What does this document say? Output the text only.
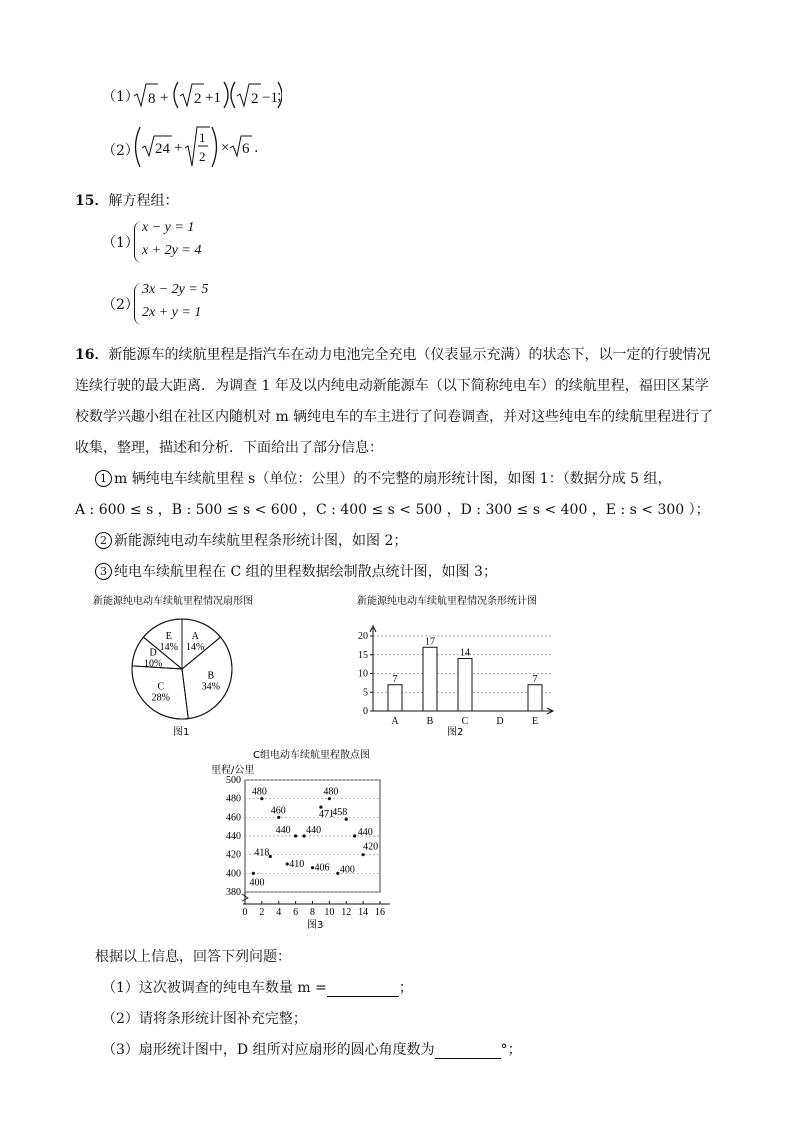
（1） 8 + 2 +1 2 −1
；
（2） 24 +
1
2
× 6 .
15．解方程组：
（1）
x − y = 1
x + 2y = 4
（2）
3x − 2y = 5
2x + y = 1
16．新能源车的续航里程是指汽车在动力电池完全充电（仪表显示充满）的状态下，以一定的行驶情况
连续行驶的最大距离．为调查 1 年及以内纯电动新能源车（以下简称纯电车）的续航里程，福田区某学
校数学兴趣小组在社区内随机对 m 辆纯电车的车主进行了问卷调查，并对这些纯电车的续航里程进行了
收集，整理，描述和分析．下面给出了部分信息：
1 m 辆纯电车续航里程 s（单位：公里）的不完整的扇形统计图，如图 1：（数据分成 5 组，
A : 600 ≤ s ，B : 500 ≤ s < 600 ，C : 400 ≤ s < 500 ，D : 300 ≤ s < 400 ，E : s < 300 ）；
2 新能源纯电动车续航里程条形统计图，如图 2；
3 纯电车续航里程在 C 组的里程数据绘制散点统计图，如图 3；
新能源纯电动车续航里程情况扇形图
A
14%
B
34%
C
28%
D
10%
E
14%
图1
新能源纯电动车续航里程情况条形统计图
0
5
10
15
20
7
A
17
B
14
C	D
7
E
图2
C组电动车续航里程散点图
里程/公里
380
400
420
440
460
480
500
0 2 4 6 8 10 12 14 16
400
480
418
460
410
440 440
406
471
480
400
458
440
420
图3
根据以上信息，回答下列问题：
（1）这次被调查的纯电车数量 m =	；
（2）请将条形统计图补充完整；
（3）扇形统计图中，D 组所对应扇形的圆心角度数为	°；
